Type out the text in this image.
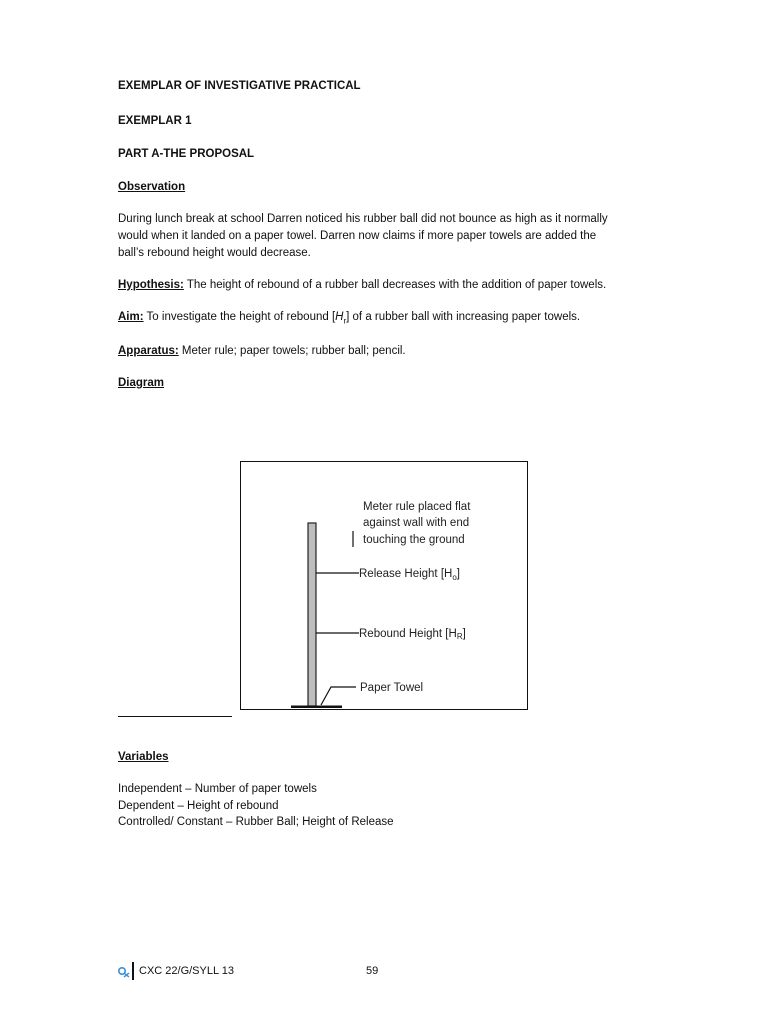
EXEMPLAR OF INVESTIGATIVE PRACTICAL
EXEMPLAR 1
PART A-THE PROPOSAL
Observation
During lunch break at school Darren noticed his rubber ball did not bounce as high as it normally
would when it landed on a paper towel. Darren now claims if more paper towels are added the
ball’s rebound height would decrease.
Hypothesis: The height of rebound of a rubber ball decreases with the addition of paper towels.
Aim: To investigate the height of rebound $[H_r]$ of a rubber ball with increasing paper towels.
Apparatus: Meter rule; paper towels; rubber ball; pencil.
Diagram
Meter rule placed flat
against wall with end
touching the ground
Release Height $[H_o]$
Rebound Height [HR]
Paper Towel
Variables
Independent – Number of paper towels
Dependent – Height of rebound
Controlled/ Constant – Rubber Ball; Height of Release
CXC 22/G/SYLL 13	59
